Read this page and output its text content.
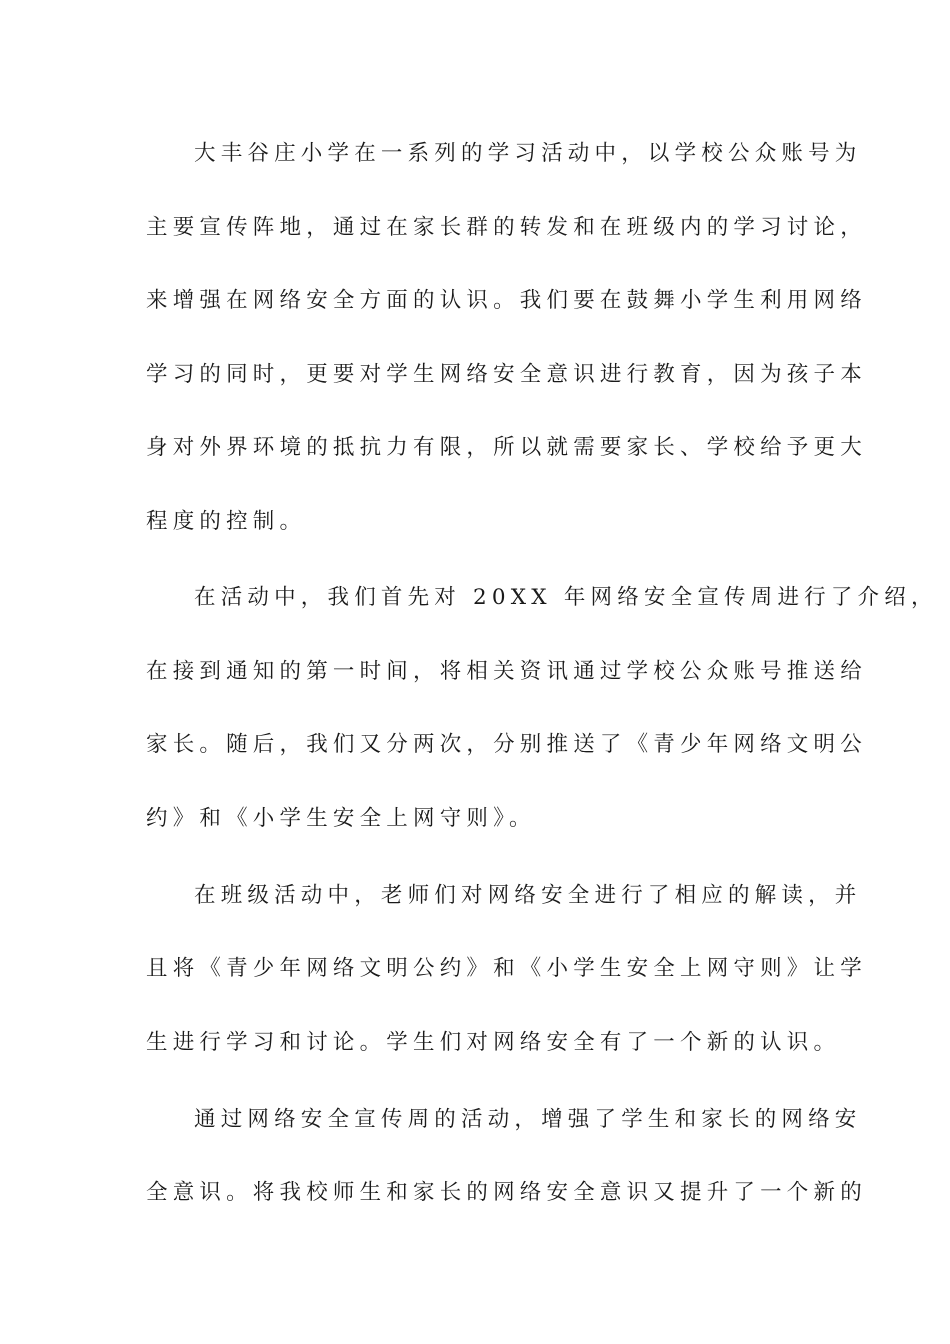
大丰谷庄小学在一系列的学习活动中，以学校公众账号为
主要宣传阵地，通过在家长群的转发和在班级内的学习讨论，
来增强在网络安全方面的认识。我们要在鼓舞小学生利用网络
学习的同时，更要对学生网络安全意识进行教育，因为孩子本
身对外界环境的抵抗力有限，所以就需要家长、学校给予更大
程度的控制。
在活动中，我们首先对 20XX 年网络安全宣传周进行了介绍，
在接到通知的第一时间，将相关资讯通过学校公众账号推送给
家长。随后，我们又分两次，分别推送了《青少年网络文明公
约》和《小学生安全上网守则》。
在班级活动中，老师们对网络安全进行了相应的解读，并
且将《青少年网络文明公约》和《小学生安全上网守则》让学
生进行学习和讨论。学生们对网络安全有了一个新的认识。
通过网络安全宣传周的活动，增强了学生和家长的网络安
全意识。将我校师生和家长的网络安全意识又提升了一个新的
